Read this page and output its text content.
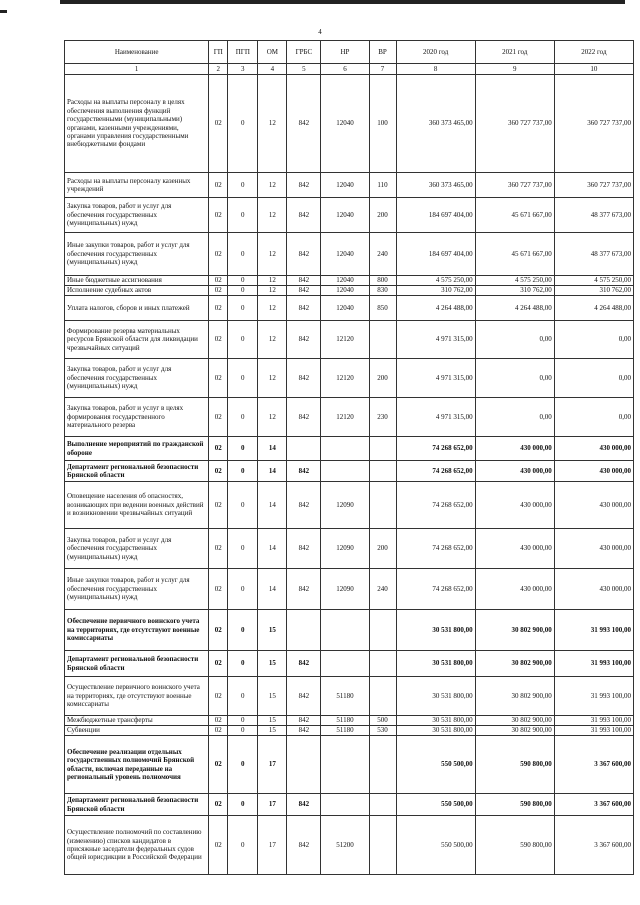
4
Наименование	ГП	ПГП	ОМ	ГРБС	НР	ВР	2020 год	2021 год	2022 год
1	2	3	4	5	6	7	8	9	10
Расходы на выплаты персоналу в целях обеспечения выполнения функций государственными (муниципальными) органами, казенными учреждениями, органами управления государственными внебюджетными фондами	02	0	12	842	12040	100	360 373 465,00	360 727 737,00	360 727 737,00
Расходы на выплаты персоналу казенных учреждений	02	0	12	842	12040	110	360 373 465,00	360 727 737,00	360 727 737,00
Закупка товаров, работ и услуг для обеспечения государственных (муниципальных) нужд	02	0	12	842	12040	200	184 697 404,00	45 671 667,00	48 377 673,00
Иные закупки товаров, работ и услуг для обеспечения государственных (муниципальных) нужд	02	0	12	842	12040	240	184 697 404,00	45 671 667,00	48 377 673,00
Иные бюджетные ассигнования	02	0	12	842	12040	800	4 575 250,00	4 575 250,00	4 575 250,00
Исполнение судебных актов	02	0	12	842	12040	830	310 762,00	310 762,00	310 762,00
Уплата налогов, сборов и иных платежей	02	0	12	842	12040	850	4 264 488,00	4 264 488,00	4 264 488,00
Формирование резерва материальных ресурсов Брянской области для ликвидации чрезвычайных ситуаций	02	0	12	842	12120		4 971 315,00	0,00	0,00
Закупка товаров, работ и услуг для обеспечения государственных (муниципальных) нужд	02	0	12	842	12120	200	4 971 315,00	0,00	0,00
Закупка товаров, работ и услуг в целях формирования государственного материального резерва	02	0	12	842	12120	230	4 971 315,00	0,00	0,00
Выполнение мероприятий по гражданской обороне	02	0	14				74 268 652,00	430 000,00	430 000,00
Департамент региональной безопасности Брянской области	02	0	14	842			74 268 652,00	430 000,00	430 000,00
Оповещение населения об опасностях, возникающих при ведении военных действий и возникновении чрезвычайных ситуаций	02	0	14	842	12090		74 268 652,00	430 000,00	430 000,00
Закупка товаров, работ и услуг для обеспечения государственных (муниципальных) нужд	02	0	14	842	12090	200	74 268 652,00	430 000,00	430 000,00
Иные закупки товаров, работ и услуг для обеспечения государственных (муниципальных) нужд	02	0	14	842	12090	240	74 268 652,00	430 000,00	430 000,00
Обеспечение первичного воинского учета на территориях, где отсутствуют военные комиссариаты	02	0	15				30 531 800,00	30 802 900,00	31 993 100,00
Департамент региональной безопасности Брянской области	02	0	15	842			30 531 800,00	30 802 900,00	31 993 100,00
Осуществление первичного воинского учета на территориях, где отсутствуют военные комиссариаты	02	0	15	842	51180		30 531 800,00	30 802 900,00	31 993 100,00
Межбюджетные трансферты	02	0	15	842	51180	500	30 531 800,00	30 802 900,00	31 993 100,00
Субвенции	02	0	15	842	51180	530	30 531 800,00	30 802 900,00	31 993 100,00
Обеспечение реализации отдельных государственных полномочий Брянской области, включая переданные на региональный уровень полномочия	02	0	17				550 500,00	590 800,00	3 367 600,00
Департамент региональной безопасности Брянской области	02	0	17	842			550 500,00	590 800,00	3 367 600,00
Осуществление полномочий по составлению (изменению) списков кандидатов в присяжные заседатели федеральных судов общей юрисдикции в Российской Федерации	02	0	17	842	51200		550 500,00	590 800,00	3 367 600,00
